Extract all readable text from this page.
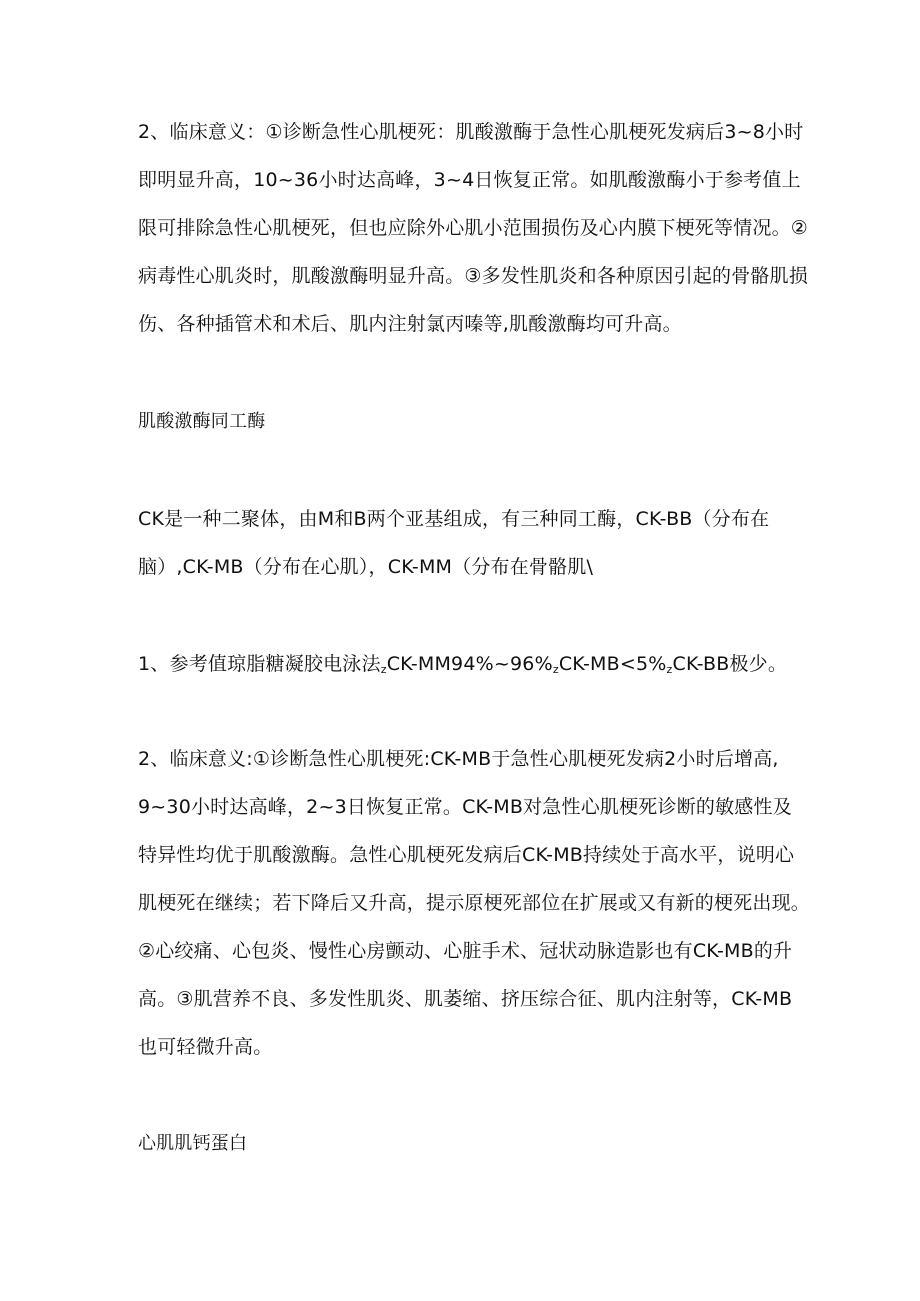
2、临床意义：①诊断急性心肌梗死：肌酸激酶于急性心肌梗死发病后3~8小时
即明显升高，10~36小时达高峰，3~4日恢复正常。如肌酸激酶小于参考值上
限可排除急性心肌梗死，但也应除外心肌小范围损伤及心内膜下梗死等情况。②
病毒性心肌炎时，肌酸激酶明显升高。③多发性肌炎和各种原因引起的骨骼肌损
伤、各种插管术和术后、肌内注射氯丙嗪等,肌酸激酶均可升高。
肌酸激酶同工酶
CK是一种二聚体，由M和B两个亚基组成，有三种同工酶，CK-BB（分布在
脑）,CK-MB（分布在心肌），CK-MM（分布在骨骼肌\
1、参考值琼脂糖凝胶电泳法$_zCK-MM94\%\sim 96\%_zCK-MB<5\%_zCK-BB$极少。
2、临床意义:①诊断急性心肌梗死:CK-MB于急性心肌梗死发病2小时后增高,
9~30小时达高峰，2~3日恢复正常。CK-MB对急性心肌梗死诊断的敏感性及
特异性均优于肌酸激酶。急性心肌梗死发病后CK-MB持续处于高水平，说明心
肌梗死在继续；若下降后又升高，提示原梗死部位在扩展或又有新的梗死出现。
②心绞痛、心包炎、慢性心房颤动、心脏手术、冠状动脉造影也有CK-MB的升
高。③肌营养不良、多发性肌炎、肌萎缩、挤压综合征、肌内注射等，CK-MB
也可轻微升高。
心肌肌钙蛋白
